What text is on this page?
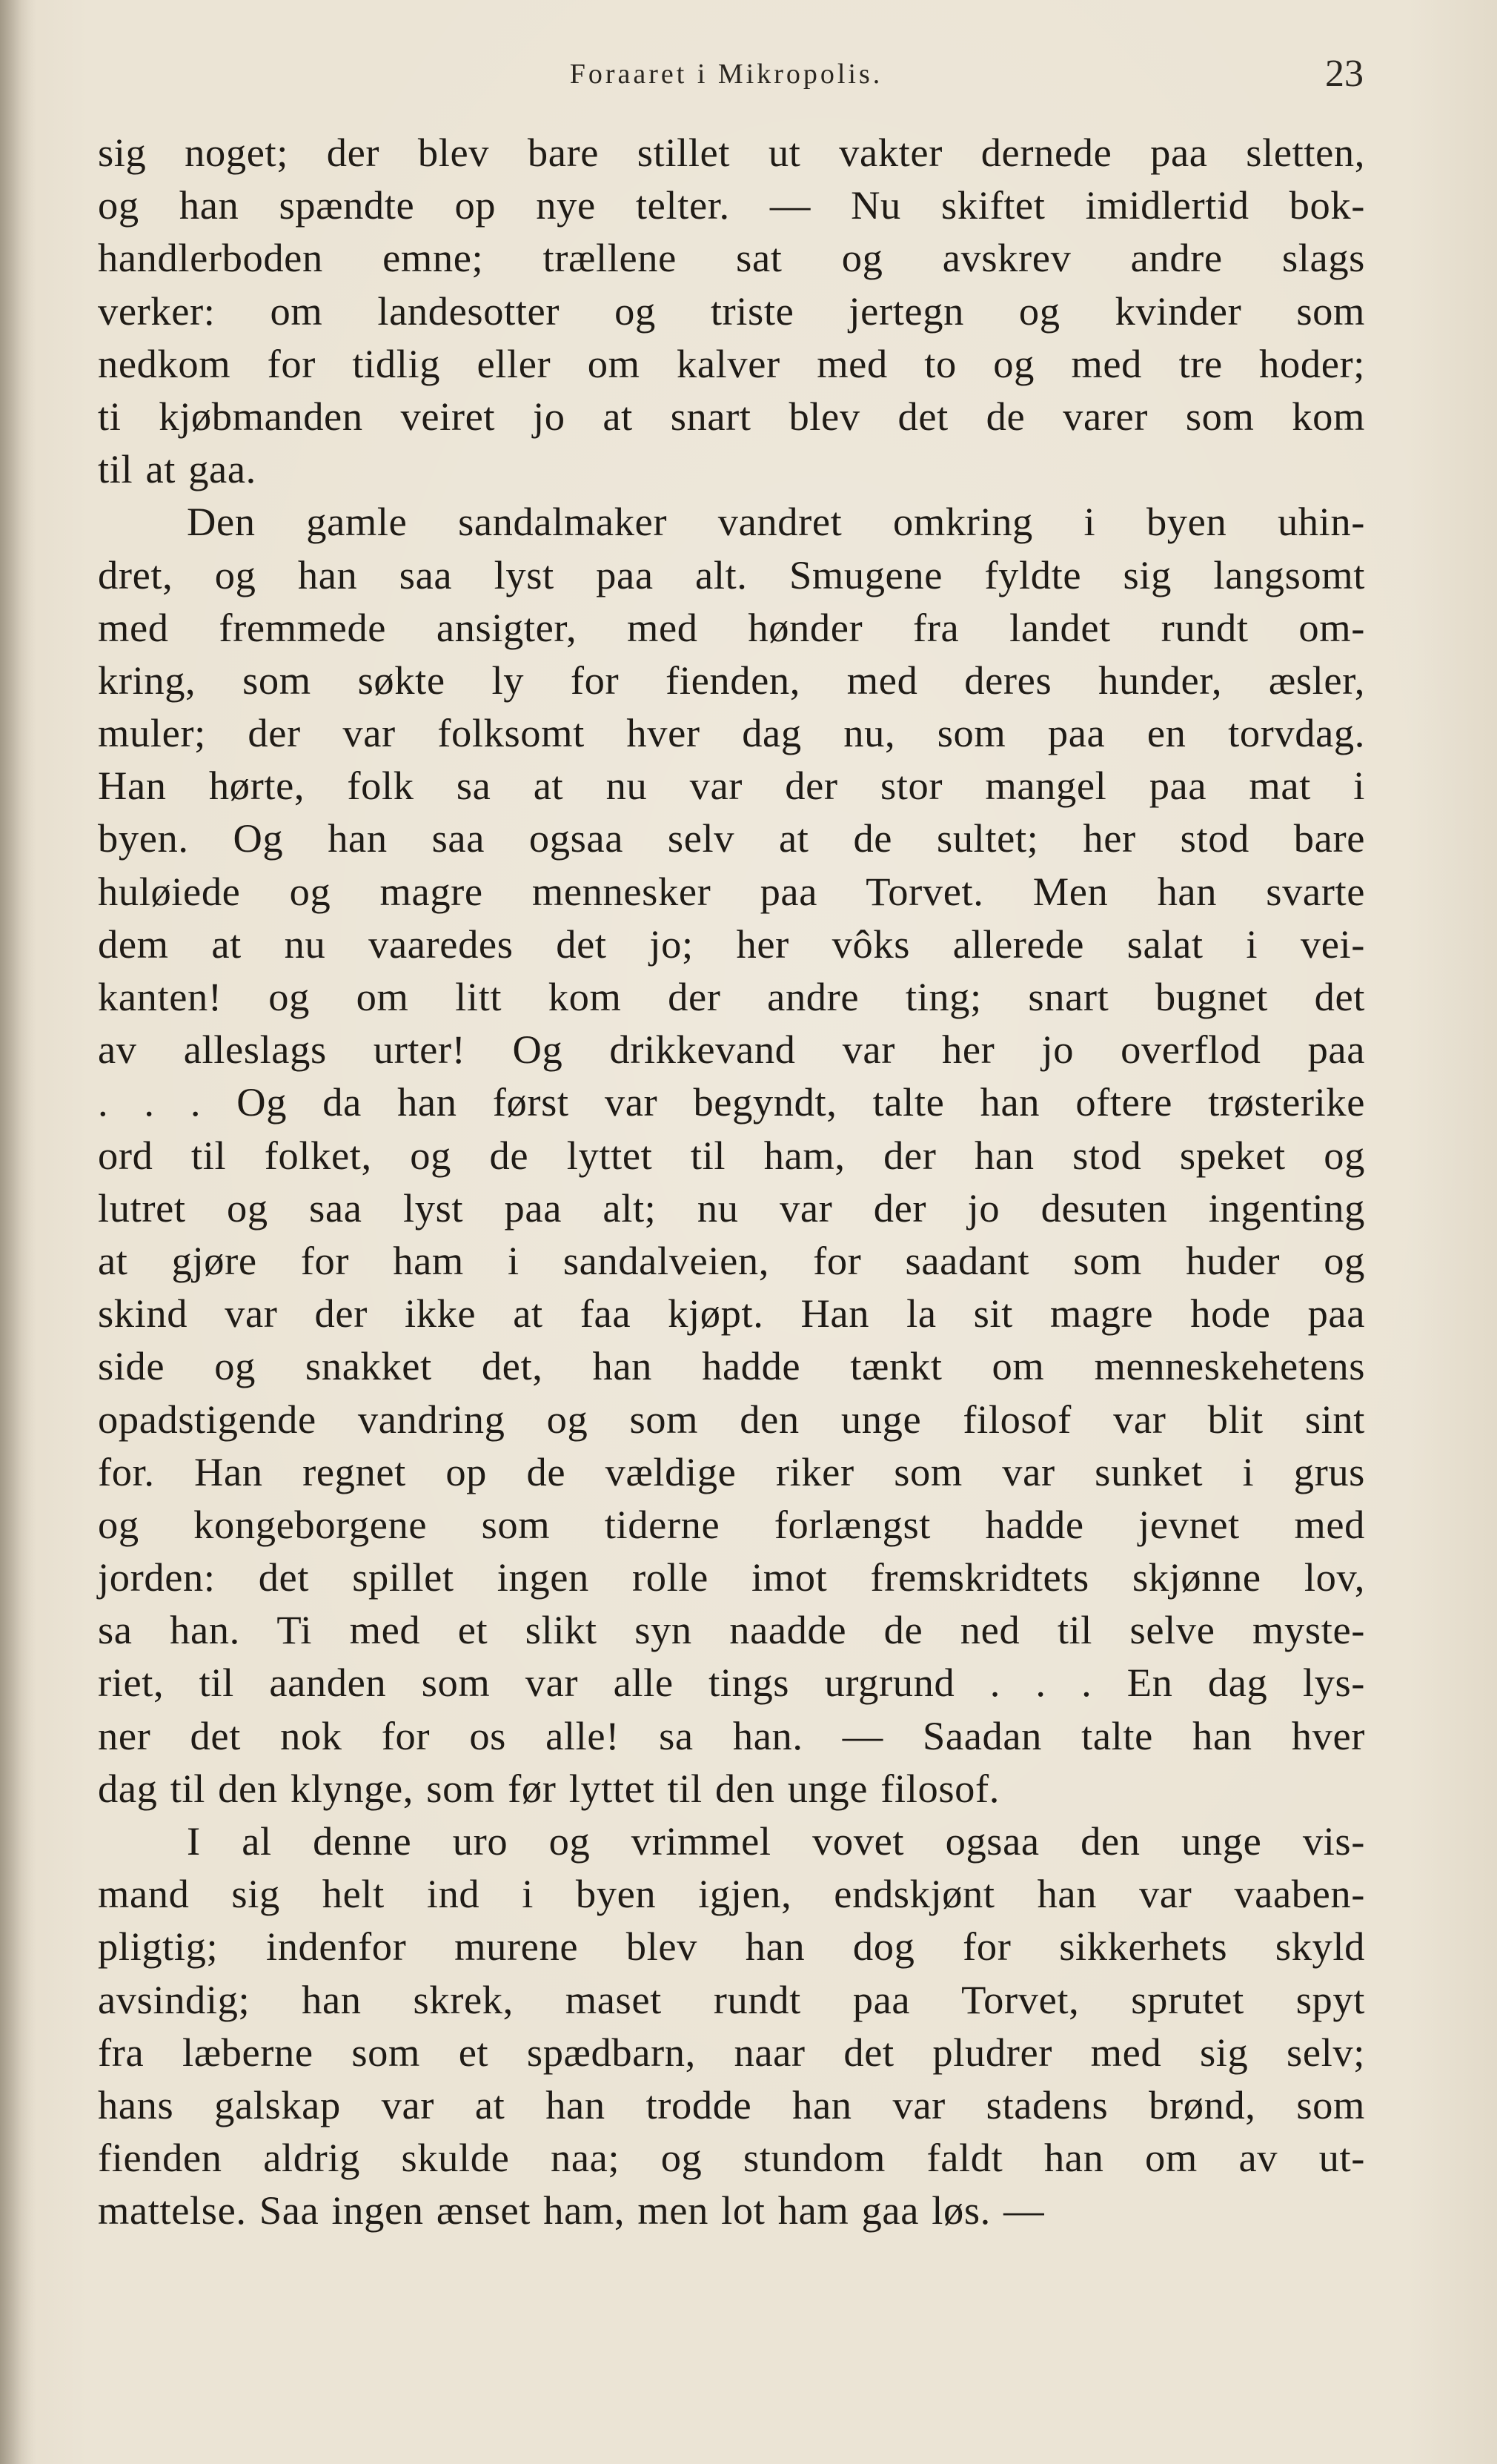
Foraaret i Mikropolis.	23
sig noget; der blev bare stillet ut vakter dernede paa sletten,
og han spændte op nye telter. — Nu skiftet imidlertid bok-
handlerboden emne; trællene sat og avskrev andre slags
verker: om landesotter og triste jertegn og kvinder som
nedkom for tidlig eller om kalver med to og med tre hoder;
ti kjøbmanden veiret jo at snart blev det de varer som kom
til at gaa.
Den gamle sandalmaker vandret omkring i byen uhin-
dret, og han saa lyst paa alt. Smugene fyldte sig langsomt
med fremmede ansigter, med hønder fra landet rundt om-
kring, som søkte ly for fienden, med deres hunder, æsler,
muler; der var folksomt hver dag nu, som paa en torvdag.
Han hørte, folk sa at nu var der stor mangel paa mat i
byen. Og han saa ogsaa selv at de sultet; her stod bare
huløiede og magre mennesker paa Torvet. Men han svarte
dem at nu vaaredes det jo; her vôks allerede salat i vei-
kanten! og om litt kom der andre ting; snart bugnet det
av alleslags urter! Og drikkevand var her jo overflod paa
. . . Og da han først var begyndt, talte han oftere trøsterike
ord til folket, og de lyttet til ham, der han stod speket og
lutret og saa lyst paa alt; nu var der jo desuten ingenting
at gjøre for ham i sandalveien, for saadant som huder og
skind var der ikke at faa kjøpt. Han la sit magre hode paa
side og snakket det, han hadde tænkt om menneskehetens
opadstigende vandring og som den unge filosof var blit sint
for. Han regnet op de vældige riker som var sunket i grus
og kongeborgene som tiderne forlængst hadde jevnet med
jorden: det spillet ingen rolle imot fremskridtets skjønne lov,
sa han. Ti med et slikt syn naadde de ned til selve myste-
riet, til aanden som var alle tings urgrund . . . En dag lys-
ner det nok for os alle! sa han. — Saadan talte han hver
dag til den klynge, som før lyttet til den unge filosof.
I al denne uro og vrimmel vovet ogsaa den unge vis-
mand sig helt ind i byen igjen, endskjønt han var vaaben-
pligtig; indenfor murene blev han dog for sikkerhets skyld
avsindig; han skrek, maset rundt paa Torvet, sprutet spyt
fra læberne som et spædbarn, naar det pludrer med sig selv;
hans galskap var at han trodde han var stadens brønd, som
fienden aldrig skulde naa; og stundom faldt han om av ut-
mattelse. Saa ingen ænset ham, men lot ham gaa løs. —
